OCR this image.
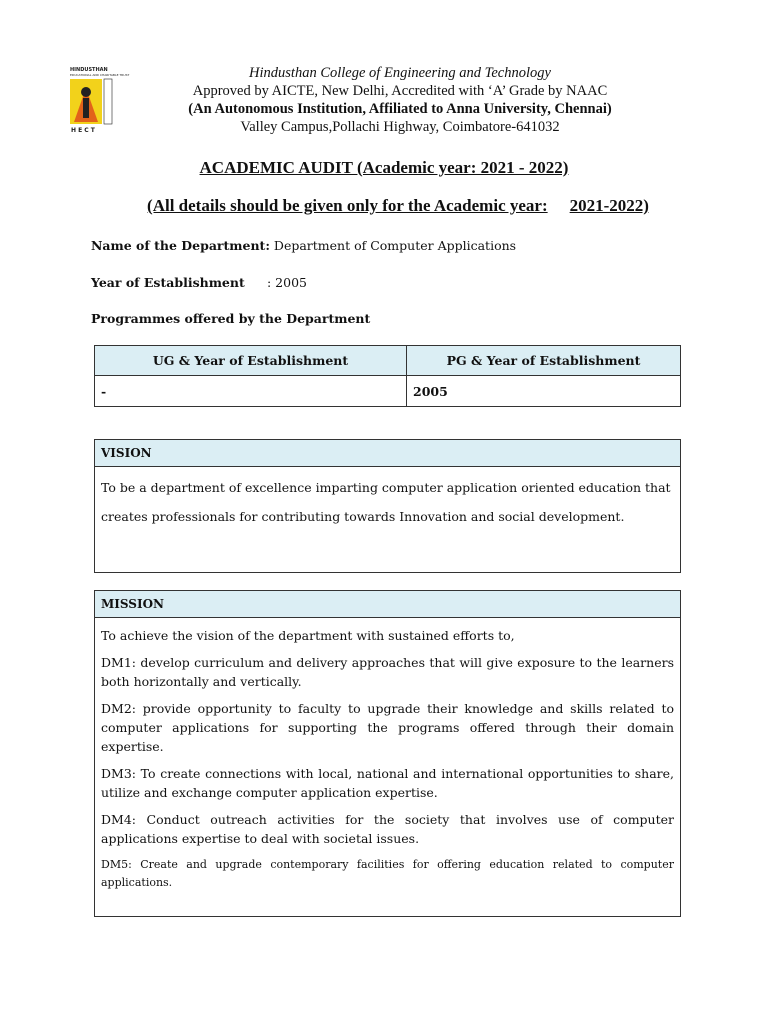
HINDUSTHAN
EDUCATIONAL AND CHARITABLE TRUST
H E C T
Hindusthan College of Engineering and Technology
Approved by AICTE, New Delhi, Accredited with ‘A’ Grade by NAAC
(An Autonomous Institution, Affiliated to Anna University, Chennai)
Valley Campus,Pollachi Highway, Coimbatore-641032
ACADEMIC AUDIT (Academic year: 2021 - 2022)
(All details should be given only for the Academic year: 2021-2022)
Name of the Department: Department of Computer Applications
Year of Establishment : 2005
Programmes offered by the Department
UG & Year of Establishment	PG & Year of Establishment
-	2005
VISION
To be a department of excellence imparting computer application oriented education that creates professionals for contributing towards Innovation and social development.
MISSION

To achieve the vision of the department with sustained efforts to,

DM1: develop curriculum and delivery approaches that will give exposure to the learners both horizontally and vertically.

DM2: provide opportunity to faculty to upgrade their knowledge and skills related to computer applications for supporting the programs offered through their domain expertise.

DM3: To create connections with local, national and international opportunities to share, utilize and exchange computer application expertise.

DM4: Conduct outreach activities for the society that involves use of computer applications expertise to deal with societal issues.

DM5: Create and upgrade contemporary facilities for offering education related to computer applications.
